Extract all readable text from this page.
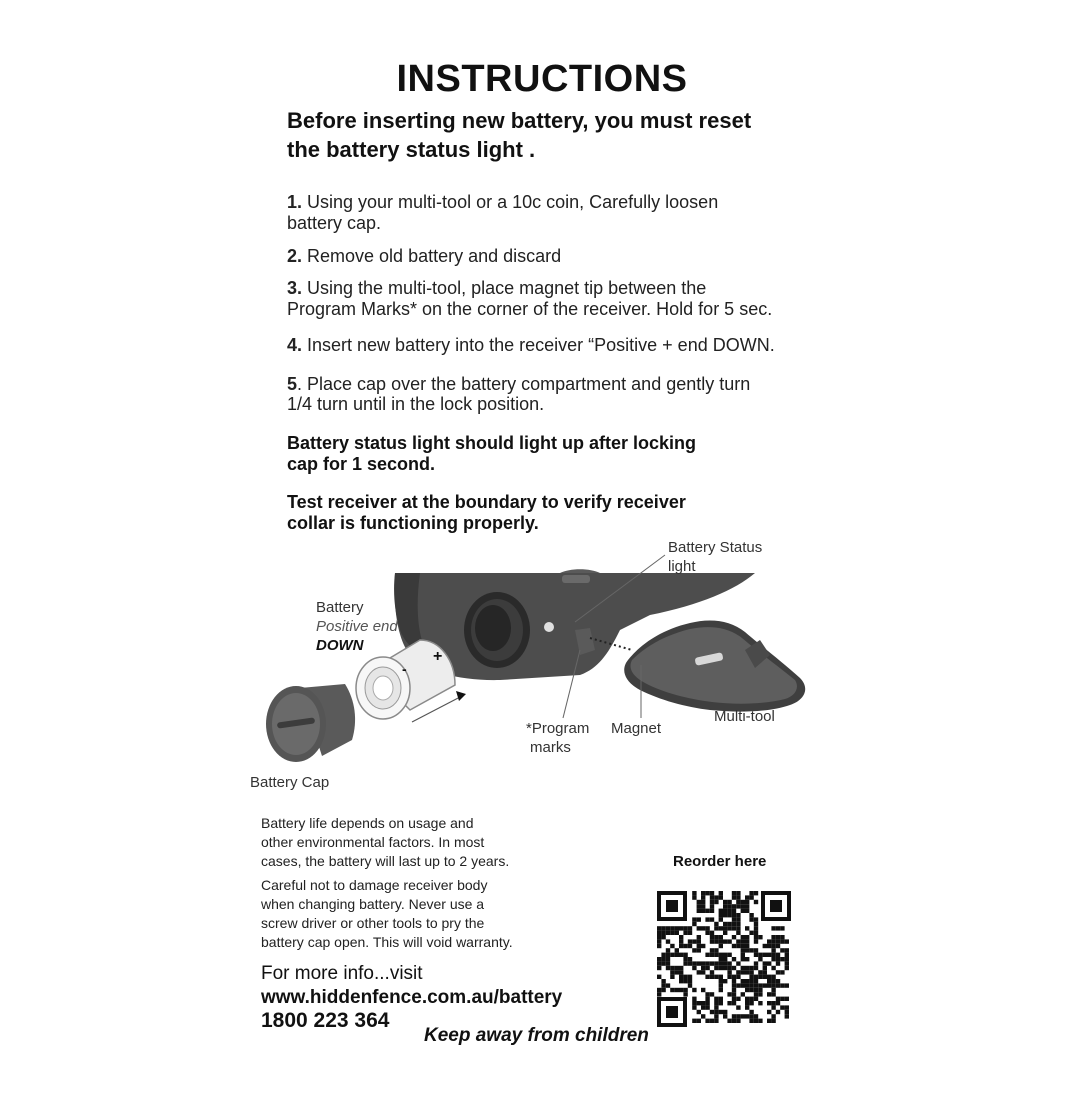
INSTRUCTIONS
Before inserting new battery, you must reset
the battery status light .
1. Using your multi-tool or a 10c coin, Carefully loosen
battery cap.
2. Remove old battery and discard
3. Using the multi-tool, place magnet tip between the
Program Marks* on the corner of the receiver. Hold for 5 sec.
4. Insert new battery into the receiver “Positive + end DOWN.
5. Place cap over the battery compartment and gently turn
1/4 turn until in the lock position.
Battery status light should light up after locking
cap for 1 second.
Test receiver at the boundary to verify receiver
collar is functioning properly.
-
+
Battery Status
light
Battery
Positive end
DOWN
*Program
marks
Magnet
Multi-tool
Battery Cap
Battery life depends on usage and
other environmental factors. In most
cases, the battery will last up to 2 years.
Careful not to damage receiver body
when changing battery. Never use a
screw driver or other tools to pry the
battery cap open. This will void warranty.
For more info...visit
www.hiddenfence.com.au/battery
1800 223 364
Keep away from children
Reorder here
